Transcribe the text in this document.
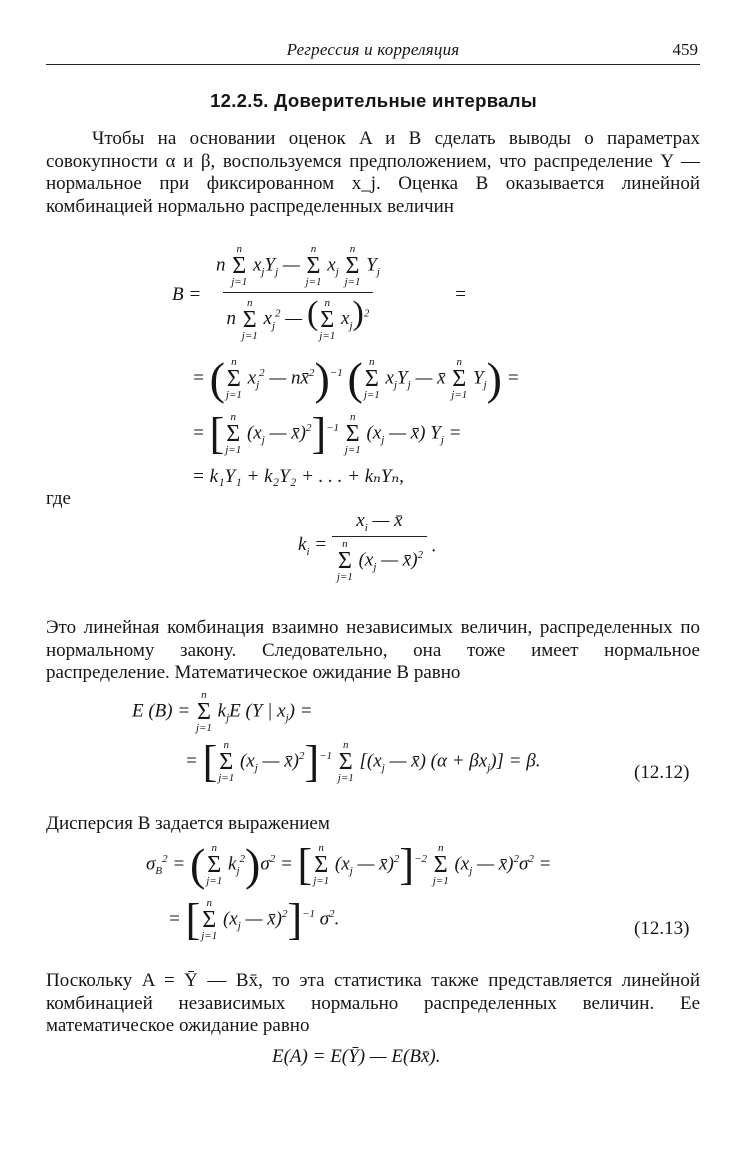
Регрессия и корреляция	459
12.2.5. Доверительные интервалы

Чтобы на основании оценок A и B сделать выводы о параметрах совокупности α и β, воспользуемся предположением, что распределение Y — нормальное при фиксированном x_j. Оценка B оказывается линейной комбинацией нормально распределенных величин

B = n
n
Σ
j=1
$x_jY_j$ —
n
Σ
j=1
$x_j$
n
Σ
j=1
$Y_j$
n
n
Σ
j=1
$x_j^2$ — ( n
Σ
j=1
$x_j)^2$	=
= ( n
Σ
j=1
$x_j^2$ — nx̄$^2$)$^{-1}$ ( n
Σ
j=1
$x_jY_j$ — x̄
n
Σ
j=1
$Y_j$) =
= [ n
Σ
j=1
($x_j$ — x̄)$^2$]$^{-1}$
n
Σ
j=1
($x_j$ — x̄) $Y_j$ =
= k₁Y₁ + k₂Y₂ + . . . + kₙYₙ,
где
$k_i = x_i$ — x̄
n
Σ
j=1
($x_j$ — x̄)$^2$ .

Это линейная комбинация взаимно независимых величин, распределенных по нормальному закону. Следовательно, она тоже имеет нормальное распределение. Математическое ожидание B равно

E (B) =
n
Σ
j=1
$k_jE$ (Y | $x_j$) =
= [ n
Σ
j=1
($x_j$ — x̄)$^2$]$^{-1}$
n
Σ
j=1
[($x_j$ — x̄) $(\alpha + \beta x_j)] = \beta$.
(12.12)

Дисперсия B задается выражением

$\sigma_B^2$ = ( n
Σ
j=1
$k_j^2)\sigma^2$ = [ n
Σ
j=1
($x_j$ — x̄)$^2$]$^{-2}$
n
Σ
j=1
($x_j$ — $x̄)^2\sigma^2$ =
= [ n
Σ
j=1
($x_j$ — x̄)$^2$]$^{-1}$ $\sigma^2$.	(12.13)

Поскольку A = Ȳ — Bx̄, то эта статистика также представляется линейной комбинацией независимых нормально распределенных величин. Ее математическое ожидание равно

E(A) = E(Ȳ) — E(Bx̄).
